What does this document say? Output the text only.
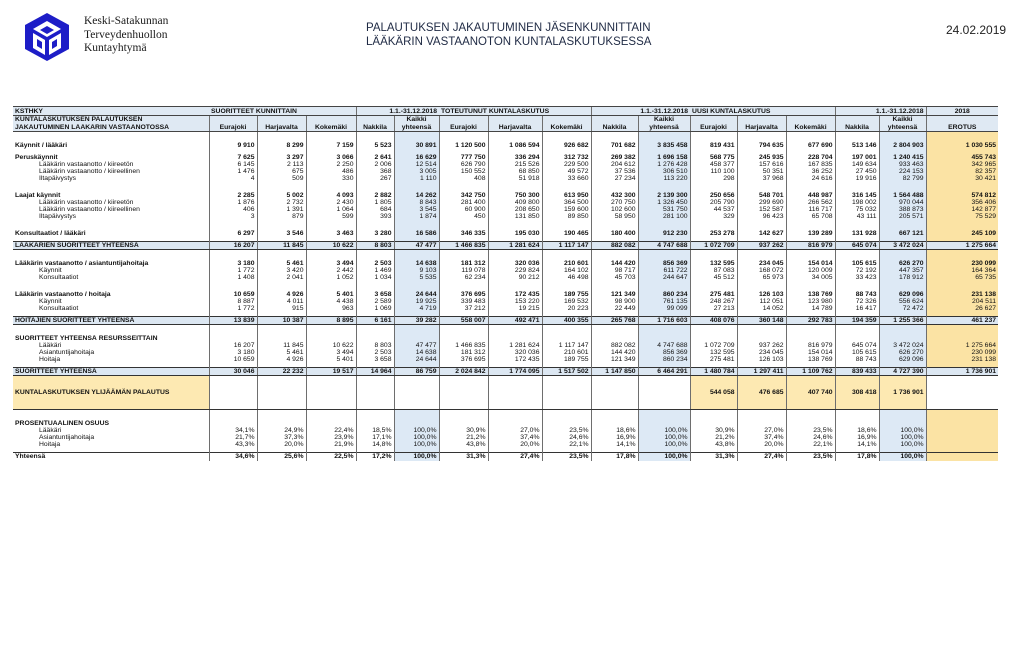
Keski-Satakunnan
Terveydenhuollon
Kuntayhtymä
PALAUTUKSEN JAKAUTUMINEN JÄSENKUNNITTAIN
LÄÄKÄRIN VASTAANOTON KUNTALASKUTUKSESSA
24.02.2019
KSTHKY	SUORITTEET KUNNITTAIN			1.1.-31.12.2018		TOTEUTUNUT KUNTALASKUTUS			1.1.-31.12.2018		UUSI KUNTALASKUTUS			1.1.-31.12.2018		2018
KUNTALASKUTUKSEN PALAUTUKSEN					Kaikki					Kaikki					Kaikki	
JAKAUTUMINEN LÄÄKÄRIN VASTAANOTOSSA	Eurajoki	Harjavalta	Kokemäki	Nakkila	yhteensä	Eurajoki	Harjavalta	Kokemäki	Nakkila	yhteensä	Eurajoki	Harjavalta	Kokemäki	Nakkila	yhteensä	EROTUS

Käynnit / lääkäri	9 910	8 299	7 159	5 523	30 891	1 120 500	1 086 594	926 682	701 682	3 835 458	819 431	794 635	677 690	513 146	2 804 903	1 030 555

Peruskäynnit	7 625	3 297	3 066	2 641	16 629	777 750	336 294	312 732	269 382	1 696 158	568 775	245 935	228 704	197 001	1 240 415	455 743
Lääkärin vastaanotto / kiireetön	6 145	2 113	2 250	2 006	12 514	626 790	215 526	229 500	204 612	1 276 428	458 377	157 616	167 835	149 634	933 463	342 965
Lääkärin vastaanotto / kiireellinen	1 476	675	486	368	3 005	150 552	68 850	49 572	37 536	306 510	110 100	50 351	36 252	27 450	224 153	82 357
Iltapäivystys	4	509	330	267	1 110	408	51 918	33 660	27 234	113 220	298	37 968	24 616	19 916	82 799	30 421

Laajat käynnit	2 285	5 002	4 093	2 882	14 262	342 750	750 300	613 950	432 300	2 139 300	250 656	548 701	448 987	316 145	1 564 488	574 812
Lääkärin vastaanotto / kiireetön	1 876	2 732	2 430	1 805	8 843	281 400	409 800	364 500	270 750	1 326 450	205 790	299 690	266 562	198 002	970 044	356 406
Lääkärin vastaanotto / kiireellinen	406	1 391	1 064	684	3 545	60 900	208 650	159 600	102 600	531 750	44 537	152 587	116 717	75 032	388 873	142 877
Iltapäivystys	3	879	599	393	1 874	450	131 850	89 850	58 950	281 100	329	96 423	65 708	43 111	205 571	75 529

Konsultaatiot / lääkäri	6 297	3 546	3 463	3 280	16 586	346 335	195 030	190 465	180 400	912 230	253 278	142 627	139 289	131 928	667 121	245 109

LÄÄKÄRIEN SUORITTEET YHTEENSÄ	16 207	11 845	10 622	8 803	47 477	1 466 835	1 281 624	1 117 147	882 082	4 747 688	1 072 709	937 262	816 979	645 074	3 472 024	1 275 664

Lääkärin vastaanotto / asiantuntijahoitaja	3 180	5 461	3 494	2 503	14 638	181 312	320 036	210 601	144 420	856 369	132 595	234 045	154 014	105 615	626 270	230 099
Käynnit	1 772	3 420	2 442	1 469	9 103	119 078	229 824	164 102	98 717	611 722	87 083	168 072	120 009	72 192	447 357	164 364
Konsultaatiot	1 408	2 041	1 052	1 034	5 535	62 234	90 212	46 498	45 703	244 647	45 512	65 973	34 005	33 423	178 912	65 735

Lääkärin vastaanotto / hoitaja	10 659	4 926	5 401	3 658	24 644	376 695	172 435	189 755	121 349	860 234	275 481	126 103	138 769	88 743	629 096	231 138
Käynnit	8 887	4 011	4 438	2 589	19 925	339 483	153 220	169 532	98 900	761 135	248 267	112 051	123 980	72 326	556 624	204 511
Konsultaatiot	1 772	915	963	1 069	4 719	37 212	19 215	20 223	22 449	99 099	27 213	14 052	14 789	16 417	72 472	26 627

HOITAJIEN SUORITTEET YHTEENSÄ	13 839	10 387	8 895	6 161	39 282	558 007	492 471	400 355	265 768	1 716 603	408 076	360 148	292 783	194 359	1 255 366	461 237

SUORITTEET YHTEENSÄ RESURSSEITTAIN																
Lääkäri	16 207	11 845	10 622	8 803	47 477	1 466 835	1 281 624	1 117 147	882 082	4 747 688	1 072 709	937 262	816 979	645 074	3 472 024	1 275 664
Asiantuntijahoitaja	3 180	5 461	3 494	2 503	14 638	181 312	320 036	210 601	144 420	856 369	132 595	234 045	154 014	105 615	626 270	230 099
Hoitaja	10 659	4 926	5 401	3 658	24 644	376 695	172 435	189 755	121 349	860 234	275 481	126 103	138 769	88 743	629 096	231 138

SUORITTEET YHTEENSÄ	30 046	22 232	19 517	14 964	86 759	2 024 842	1 774 095	1 517 502	1 147 850	6 464 291	1 480 784	1 297 411	1 109 762	839 433	4 727 390	1 736 901
KUNTALASKUTUKSEN YLIJÄÄMÄN PALAUTUS											544 058	476 685	407 740	308 418	1 736 901	

PROSENTUAALINEN OSUUS																
Lääkäri	34,1%	24,9%	22,4%	18,5%	100,0%	30,9%	27,0%	23,5%	18,6%	100,0%	30,9%	27,0%	23,5%	18,6%	100,0%	
Asiantuntijahoitaja	21,7%	37,3%	23,9%	17,1%	100,0%	21,2%	37,4%	24,6%	16,9%	100,0%	21,2%	37,4%	24,6%	16,9%	100,0%	
Hoitaja	43,3%	20,0%	21,9%	14,8%	100,0%	43,8%	20,0%	22,1%	14,1%	100,0%	43,8%	20,0%	22,1%	14,1%	100,0%	

Yhteensä	34,6%	25,6%	22,5%	17,2%	100,0%	31,3%	27,4%	23,5%	17,8%	100,0%	31,3%	27,4%	23,5%	17,8%	100,0%	
